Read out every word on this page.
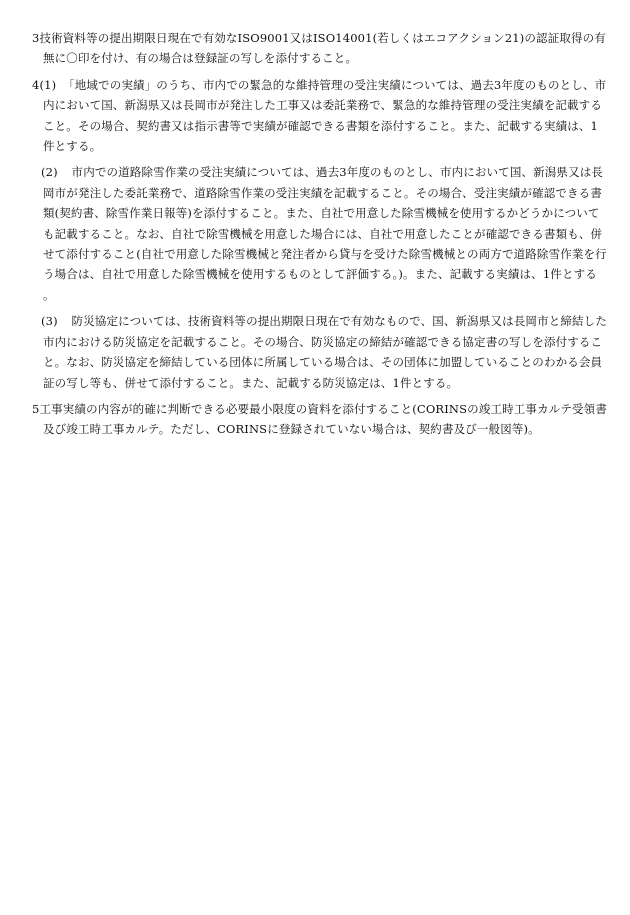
3技術資料等の提出期限日現在で有効なISO9001又はISO14001(若しくはエコアクション21)の認証取得の有無に〇印を付け、有の場合は登録証の写しを添付すること。

4(1) 「地域での実績」のうち、市内での緊急的な維持管理の受注実績については、過去3年度のものとし、市内において国、新潟県又は長岡市が発注した工事又は委託業務で、緊急的な維持管理の受注実績を記載すること。その場合、契約書又は指示書等で実績が確認できる書類を添付すること。また、記載する実績は、1件とする。

(2) 市内での道路除雪作業の受注実績については、過去3年度のものとし、市内において国、新潟県又は長岡市が発注した委託業務で、道路除雪作業の受注実績を記載すること。その場合、受注実績が確認できる書類(契約書、除雪作業日報等)を添付すること。また、自社で用意した除雪機械を使用するかどうかについても記載すること。なお、自社で除雪機械を用意した場合には、自社で用意したことが確認できる書類も、併せて添付すること(自社で用意した除雪機械と発注者から貸与を受けた除雪機械との両方で道路除雪作業を行う場合は、自社で用意した除雪機械を使用するものとして評価する。)。また、記載する実績は、1件とする。

(3) 防災協定については、技術資料等の提出期限日現在で有効なもので、国、新潟県又は長岡市と締結した市内における防災協定を記載すること。その場合、防災協定の締結が確認できる協定書の写しを添付すること。なお、防災協定を締結している団体に所属している場合は、その団体に加盟していることのわかる会員証の写し等も、併せて添付すること。また、記載する防災協定は、1件とする。

5工事実績の内容が的確に判断できる必要最小限度の資料を添付すること(CORINSの竣工時工事カルテ受領書及び竣工時工事カルテ。ただし、CORINSに登録されていない場合は、契約書及び一般図等)。
